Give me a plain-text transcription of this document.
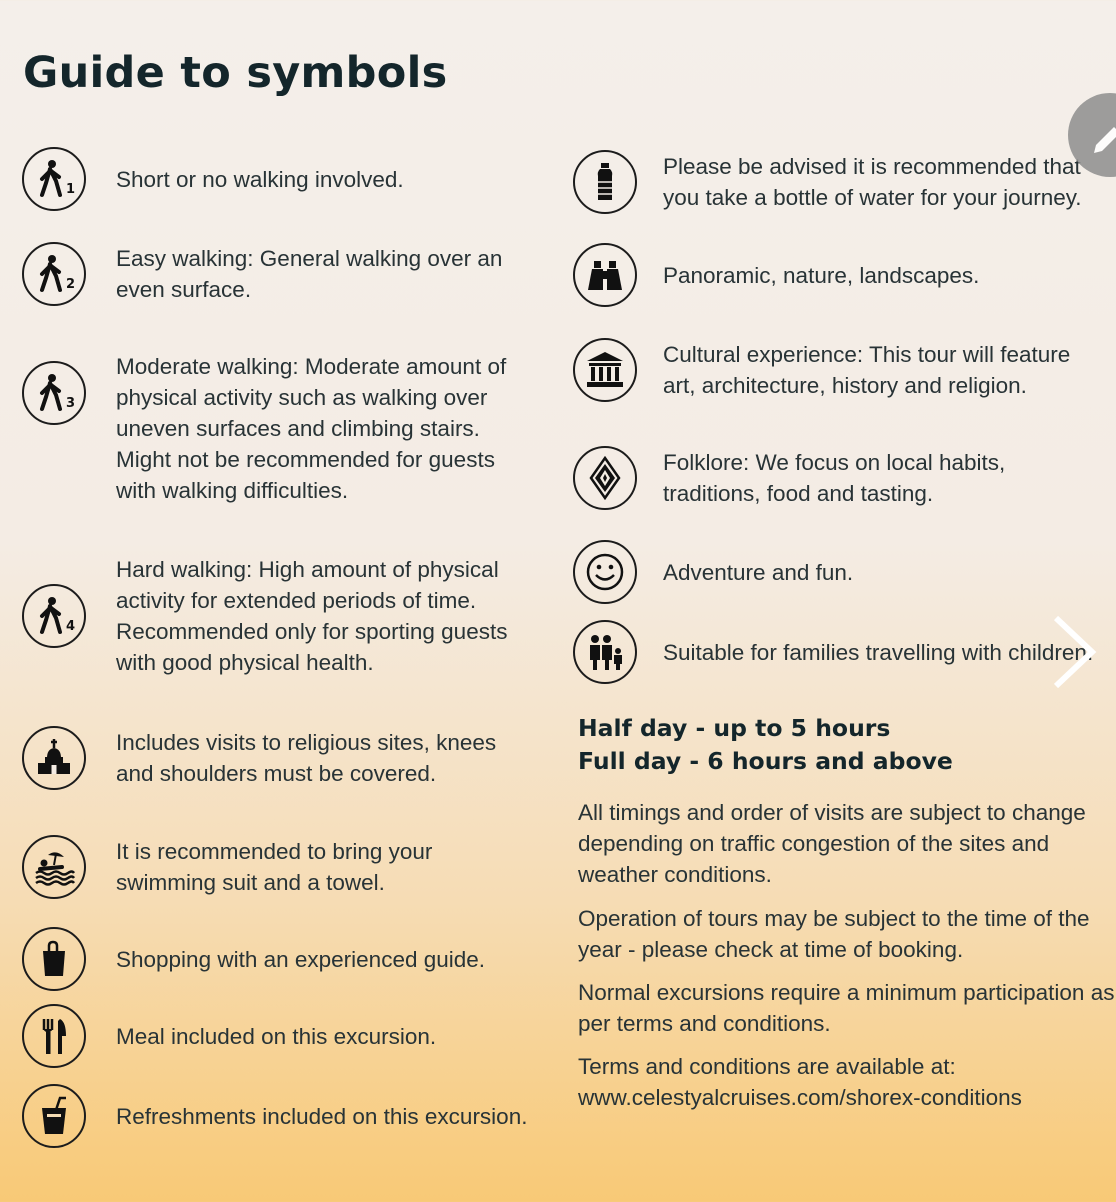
Guide to symbols
1 Short or no walking involved.
2
Easy walking: General walking over an even surface.
3
Moderate walking: Moderate amount of physical activity such as walking over uneven surfaces and climbing stairs. Might not be recommended for guests with walking difficulties.
4
Hard walking: High amount of physical activity for extended periods of time. Recommended only for sporting guests with good physical health.
Includes visits to religious sites, knees and shoulders must be covered.
It is recommended to bring your swimming suit and a towel.
Shopping with an experienced guide.
Meal included on this excursion.
Refreshments included on this excursion.
Please be advised it is recommended that you take a bottle of water for your journey.
Panoramic, nature, landscapes.
Cultural experience: This tour will feature art, architecture, history and religion.
Folklore: We focus on local habits, traditions, food and tasting.
Adventure and fun.
Suitable for families travelling with children.
Half day - up to 5 hours
Full day - 6 hours and above
All timings and order of visits are subject to change depending on traffic congestion of the sites and weather conditions.
Operation of tours may be subject to the time of the year - please check at time of booking.
Normal excursions require a minimum participation as per terms and conditions.
Terms and conditions are available at: www.celestyalcruises.com/shorex-conditions
